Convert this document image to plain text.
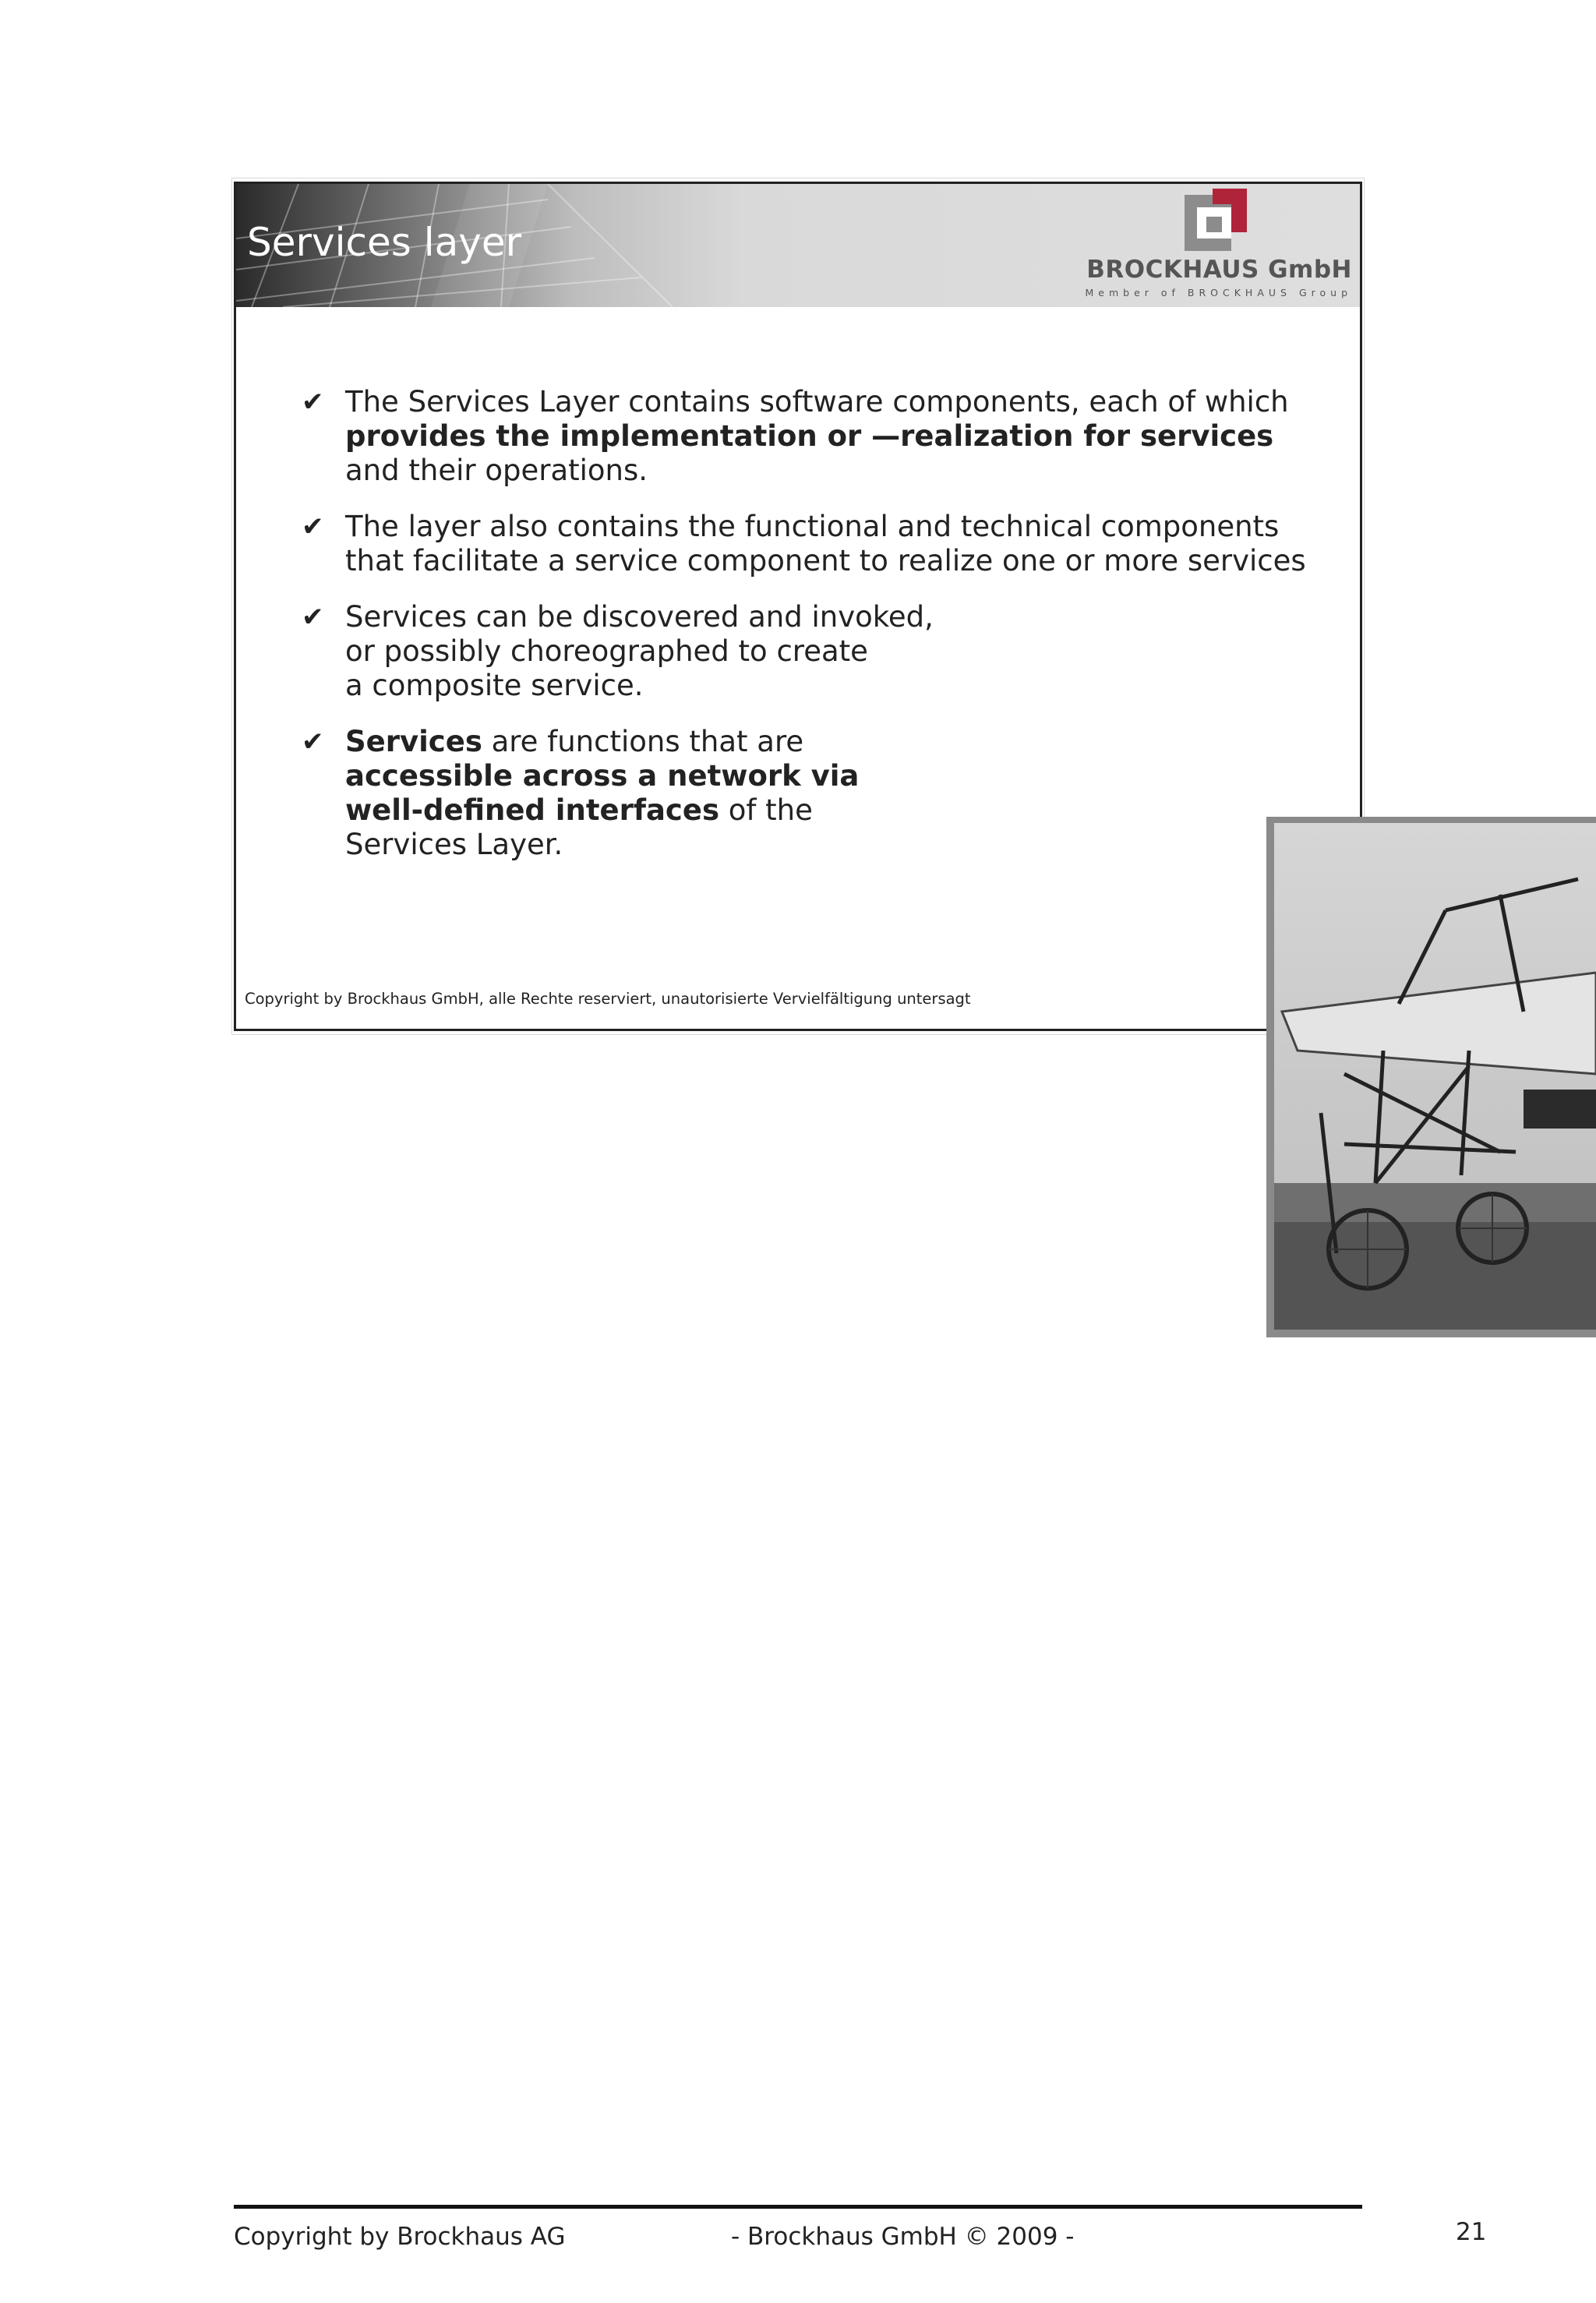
Services layer
BROCKHAUS GmbH
Member of BROCKHAUS Group
✔ The Services Layer contains software components, each of which
provides the implementation or —realization for services
and their operations.
✔ The layer also contains the functional and technical components
that facilitate a service component to realize one or more services
✔ Services can be discovered and invoked,
or possibly choreographed to create
a composite service.
✔ Services are functions that are
accessible across a network via
well-defined interfaces of the
Services Layer.
Copyright by Brockhaus GmbH, alle Rechte reserviert, unautorisierte Vervielfältigung untersagt
Copyright by Brockhaus AG	- Brockhaus GmbH © 2009 -	21
